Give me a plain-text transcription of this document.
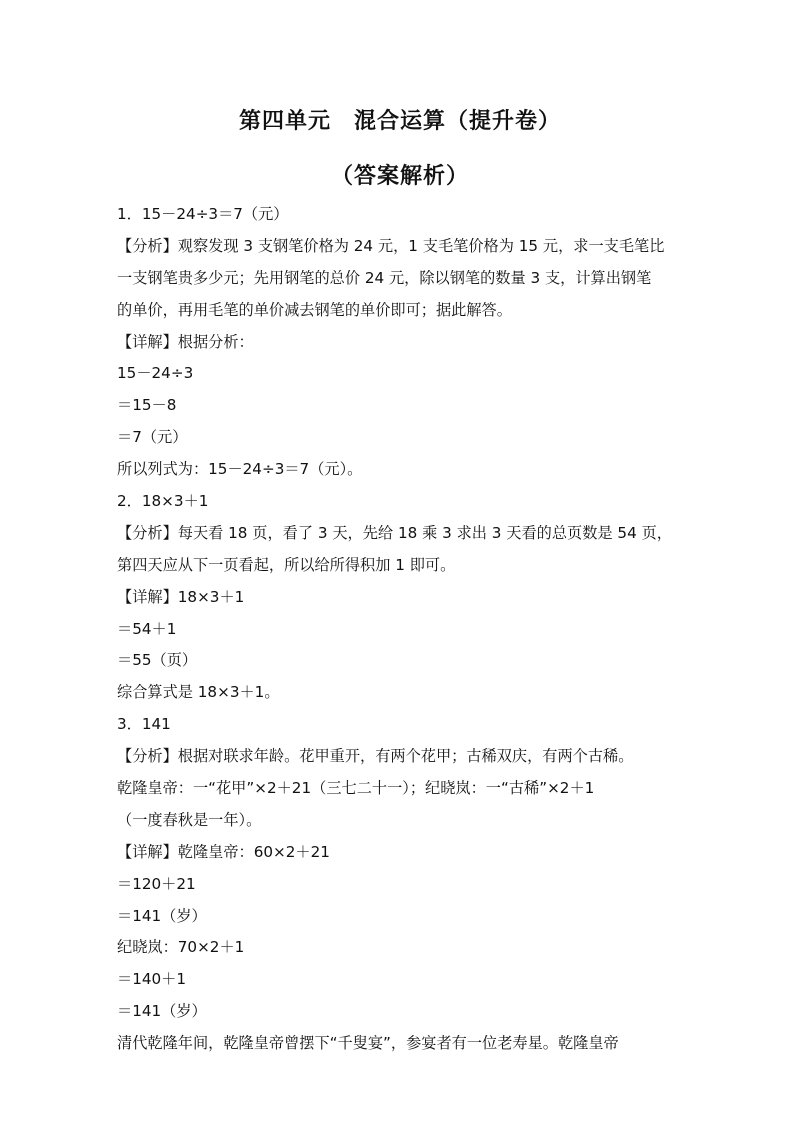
第四单元　混合运算（提升卷）
（答案解析）
1．15－24÷3＝7（元）
【分析】观察发现 3 支钢笔价格为 24 元，1 支毛笔价格为 15 元，求一支毛笔比
一支钢笔贵多少元；先用钢笔的总价 24 元，除以钢笔的数量 3 支，计算出钢笔
的单价，再用毛笔的单价减去钢笔的单价即可；据此解答。
【详解】根据分析：
15－24÷3
＝15－8
＝7（元）
所以列式为：15－24÷3＝7（元）。
2．18×3＋1
【分析】每天看 18 页，看了 3 天，先给 18 乘 3 求出 3 天看的总页数是 54 页，
第四天应从下一页看起，所以给所得积加 1 即可。
【详解】18×3＋1
＝54＋1
＝55（页）
综合算式是 18×3＋1。
3．141
【分析】根据对联求年龄。花甲重开，有两个花甲；古稀双庆，有两个古稀。
乾隆皇帝：一“花甲”×2＋21（三七二十一）；纪晓岚：一“古稀”×2＋1
（一度春秋是一年）。
【详解】乾隆皇帝：60×2＋21
＝120＋21
＝141（岁）
纪晓岚：70×2＋1
＝140＋1
＝141（岁）
清代乾隆年间，乾隆皇帝曾摆下“千叟宴”，参宴者有一位老寿星。乾隆皇帝
